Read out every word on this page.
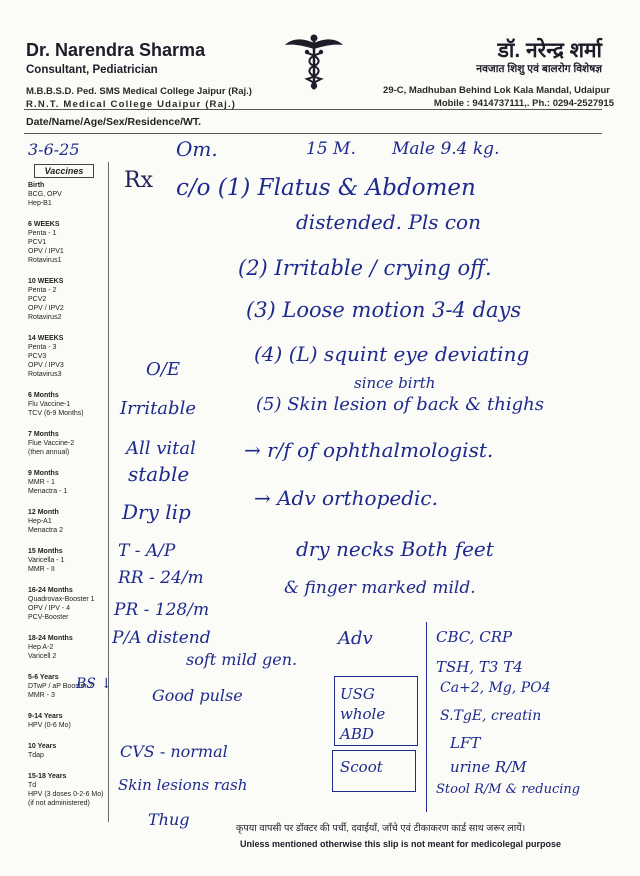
Dr. Narendra Sharma
Consultant, Pediatrician
M.B.B.S.D. Ped. SMS Medical College Jaipur (Raj.)
R.N.T. Medical College Udaipur (Raj.)
डॉ. नरेन्द्र शर्मा
नवजात शिशु एवं बालरोग विशेषज्ञ
29-C, Madhuban Behind Lok Kala Mandal, Udaipur
Mobile : 9414737111,. Ph.: 0294-2527915
Date/Name/Age/Sex/Residence/WT.
3-6-25	Om.	15 M. Male 9.4 kg.
Vaccines
Birth
BCG, OPV
Hep-B1
6 WEEKS
Penta - 1
PCV1
OPV / IPV1
Rotavirus1
10 WEEKS
Penta - 2
PCV2
OPV / IPV2
Rotavirus2
14 WEEKS
Penta - 3
PCV3
OPV / IPV3
Rotavirus3
6 Months
Flu Vaccine-1
TCV (6-9 Months)
7 Months
Flue Vaccine-2
(then annual)
9 Months
MMR - 1
Menactra - 1
12 Month
Hep-A1
Menactra 2
15 Months
Varicella - 1
MMR - II
16-24 Months
Quadrovax-Booster 1
OPV / IPV - 4
PCV-Booster
18-24 Months
Hep A-2
Varicell 2
5-6 Years
DTwP / aP Booster 2
MMR - 3
9-14 Years
HPV (0-6 Mo)
10 Years
Tdap
15-18 Years
Td
HPV (3 doses 0-2-6 Mo)
(if not administered)
Rx c/o (1) Flatus & Abdomen
distended. Pls con
(2) Irritable / crying off.
(3) Loose motion 3-4 days
(4) (L) squint eye deviating
since birth
(5) Skin lesion of back & thighs
→ r/f of ophthalmologist.
→ Adv orthopedic.
dry necks Both feet
& finger marked mild.
Adv
O/E
Irritable
All vital
stable
Dry lip
T - A/P
RR - 24/m
PR - 128/m
P/A distend
soft mild gen.
BS ↓
Good pulse
CVS - normal
Skin lesions rash
Thug
USG whole ABD
Scoot
CBC, CRP
TSH, T3 T4
Ca+2, Mg, PO4
S.TgE, creatin
LFT
urine R/M
Stool R/M & reducing
कृपया वापसी पर डॉक्टर की पर्ची, दवाईयाँ, जाँचे एवं टीकाकरण कार्ड साथ जरूर लायें।
Unless mentioned otherwise this slip is not meant for medicolegal purpose
